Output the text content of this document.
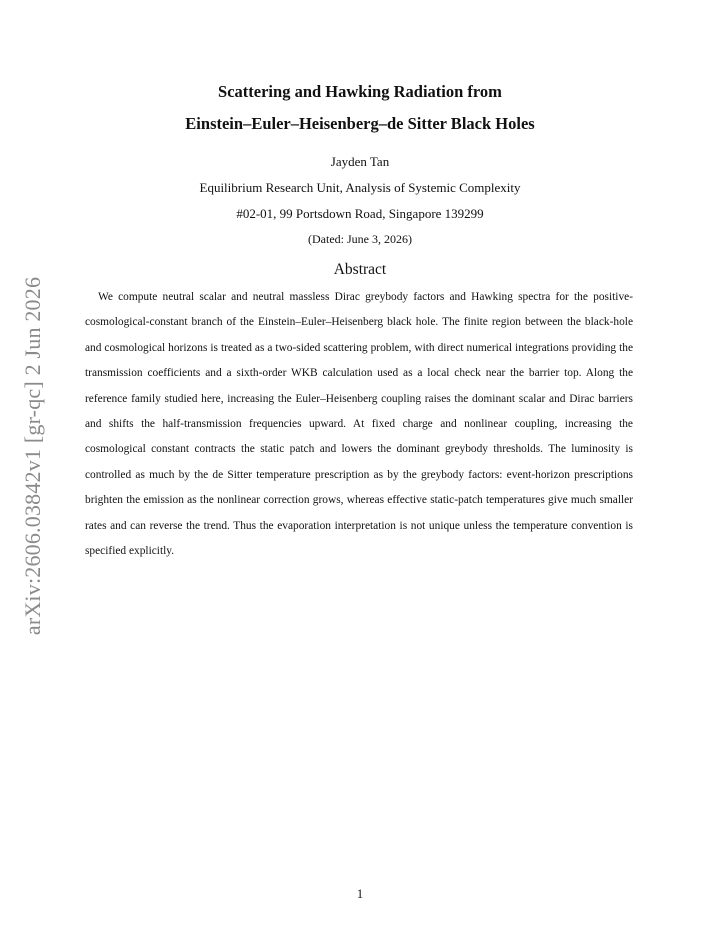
arXiv:2606.03842v1 [gr-qc] 2 Jun 2026
Scattering and Hawking Radiation from
Einstein–Euler–Heisenberg–de Sitter Black Holes
Jayden Tan
Equilibrium Research Unit, Analysis of Systemic Complexity
#02-01, 99 Portsdown Road, Singapore 139299
(Dated: June 3, 2026)
Abstract
We compute neutral scalar and neutral massless Dirac greybody factors and Hawking spectra for the positive-cosmological-constant branch of the Einstein–Euler–Heisenberg black hole. The finite region between the black-hole and cosmological horizons is treated as a two-sided scattering problem, with direct numerical integrations providing the transmission coefficients and a sixth-order WKB calculation used as a local check near the barrier top. Along the reference family studied here, increasing the Euler–Heisenberg coupling raises the dominant scalar and Dirac barriers and shifts the half-transmission frequencies upward. At fixed charge and nonlinear coupling, increasing the cosmological constant contracts the static patch and lowers the dominant greybody thresholds. The luminosity is controlled as much by the de Sitter temperature prescription as by the greybody factors: event-horizon prescriptions brighten the emission as the nonlinear correction grows, whereas effective static-patch temperatures give much smaller rates and can reverse the trend. Thus the evaporation interpretation is not unique unless the temperature convention is specified explicitly.
1
